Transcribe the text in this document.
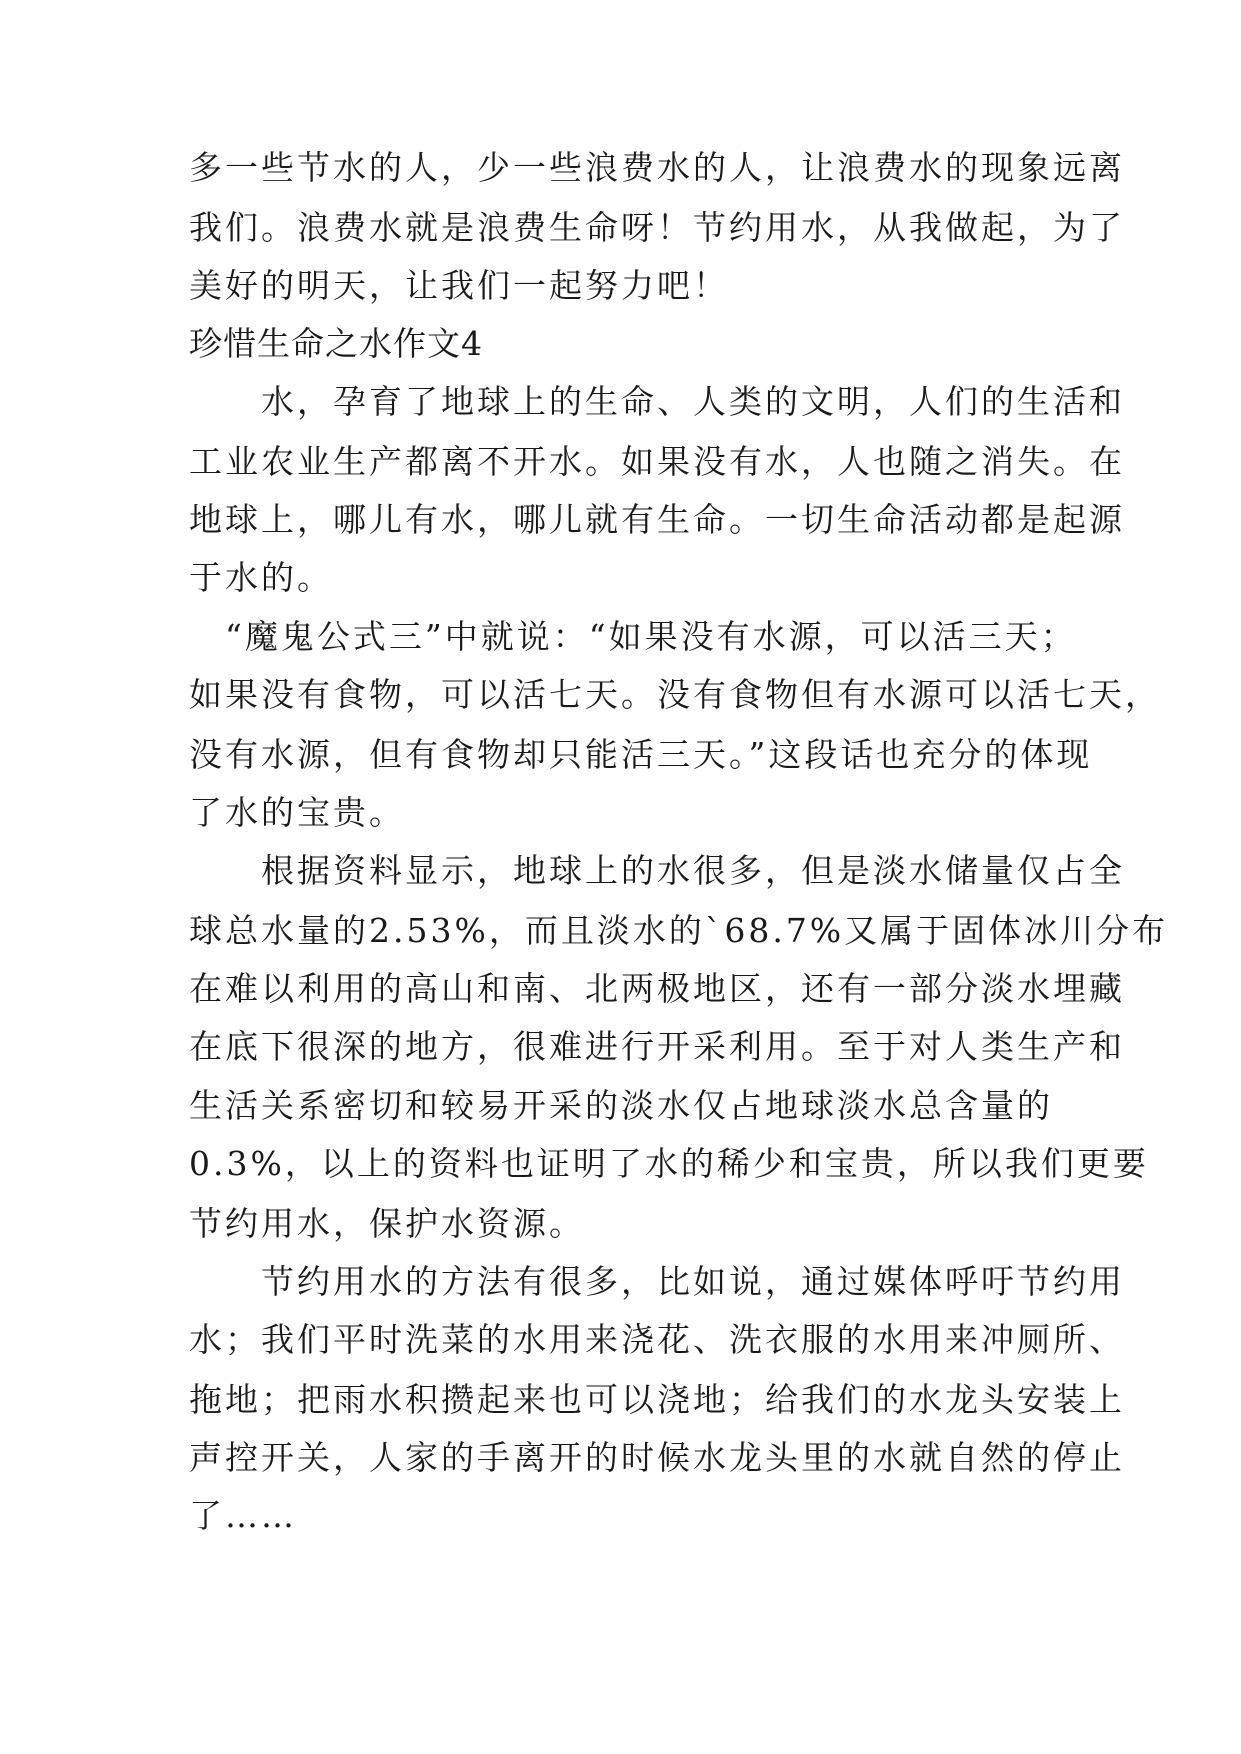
多一些节水的人，少一些浪费水的人，让浪费水的现象远离
我们。浪费水就是浪费生命呀！节约用水，从我做起，为了
美好的明天，让我们一起努力吧！
珍惜生命之水作文4
　　水，孕育了地球上的生命、人类的文明，人们的生活和
工业农业生产都离不开水。如果没有水，人也随之消失。在
地球上，哪儿有水，哪儿就有生命。一切生命活动都是起源
于水的。
　“魔鬼公式三”中就说：“如果没有水源，可以活三天；
如果没有食物，可以活七天。没有食物但有水源可以活七天，
没有水源，但有食物却只能活三天。”这段话也充分的体现
了水的宝贵。
　　根据资料显示，地球上的水很多，但是淡水储量仅占全
球总水量的2.53%，而且淡水的`68.7%又属于固体冰川分布
在难以利用的高山和南、北两极地区，还有一部分淡水埋藏
在底下很深的地方，很难进行开采利用。至于对人类生产和
生活关系密切和较易开采的淡水仅占地球淡水总含量的
0.3%，以上的资料也证明了水的稀少和宝贵，所以我们更要
节约用水，保护水资源。
　　节约用水的方法有很多，比如说，通过媒体呼吁节约用
水；我们平时洗菜的水用来浇花、洗衣服的水用来冲厕所、
拖地；把雨水积攒起来也可以浇地；给我们的水龙头安装上
声控开关，人家的手离开的时候水龙头里的水就自然的停止
了……
